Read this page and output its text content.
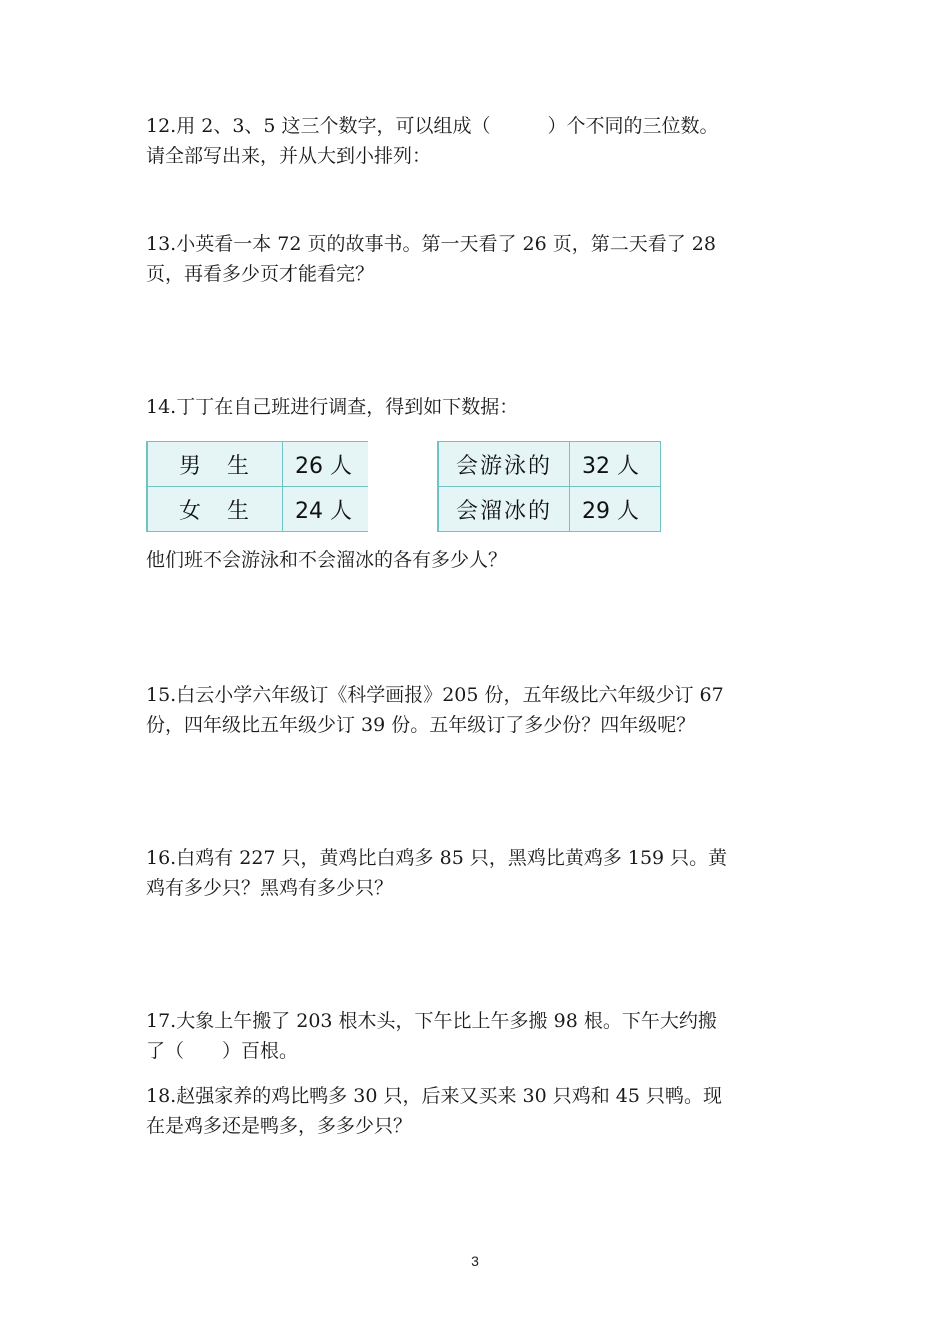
12.用 2、3、5 这三个数字，可以组成（　　　）个不同的三位数。
请全部写出来，并从大到小排列：
13.小英看一本 72 页的故事书。第一天看了 26 页，第二天看了 28
页，再看多少页才能看完？
14.丁丁在自己班进行调查，得到如下数据：
男　生	26 人
女　生	24 人
会游泳的	32 人
会溜冰的	29 人
他们班不会游泳和不会溜冰的各有多少人？
15.白云小学六年级订《科学画报》205 份，五年级比六年级少订 67
份，四年级比五年级少订 39 份。五年级订了多少份？四年级呢？
16.白鸡有 227 只，黄鸡比白鸡多 85 只，黑鸡比黄鸡多 159 只。黄
鸡有多少只？黑鸡有多少只？
17.大象上午搬了 203 根木头，下午比上午多搬 98 根。下午大约搬
了（　　）百根。
18.赵强家养的鸡比鸭多 30 只，后来又买来 30 只鸡和 45 只鸭。现
在是鸡多还是鸭多，多多少只？
3
